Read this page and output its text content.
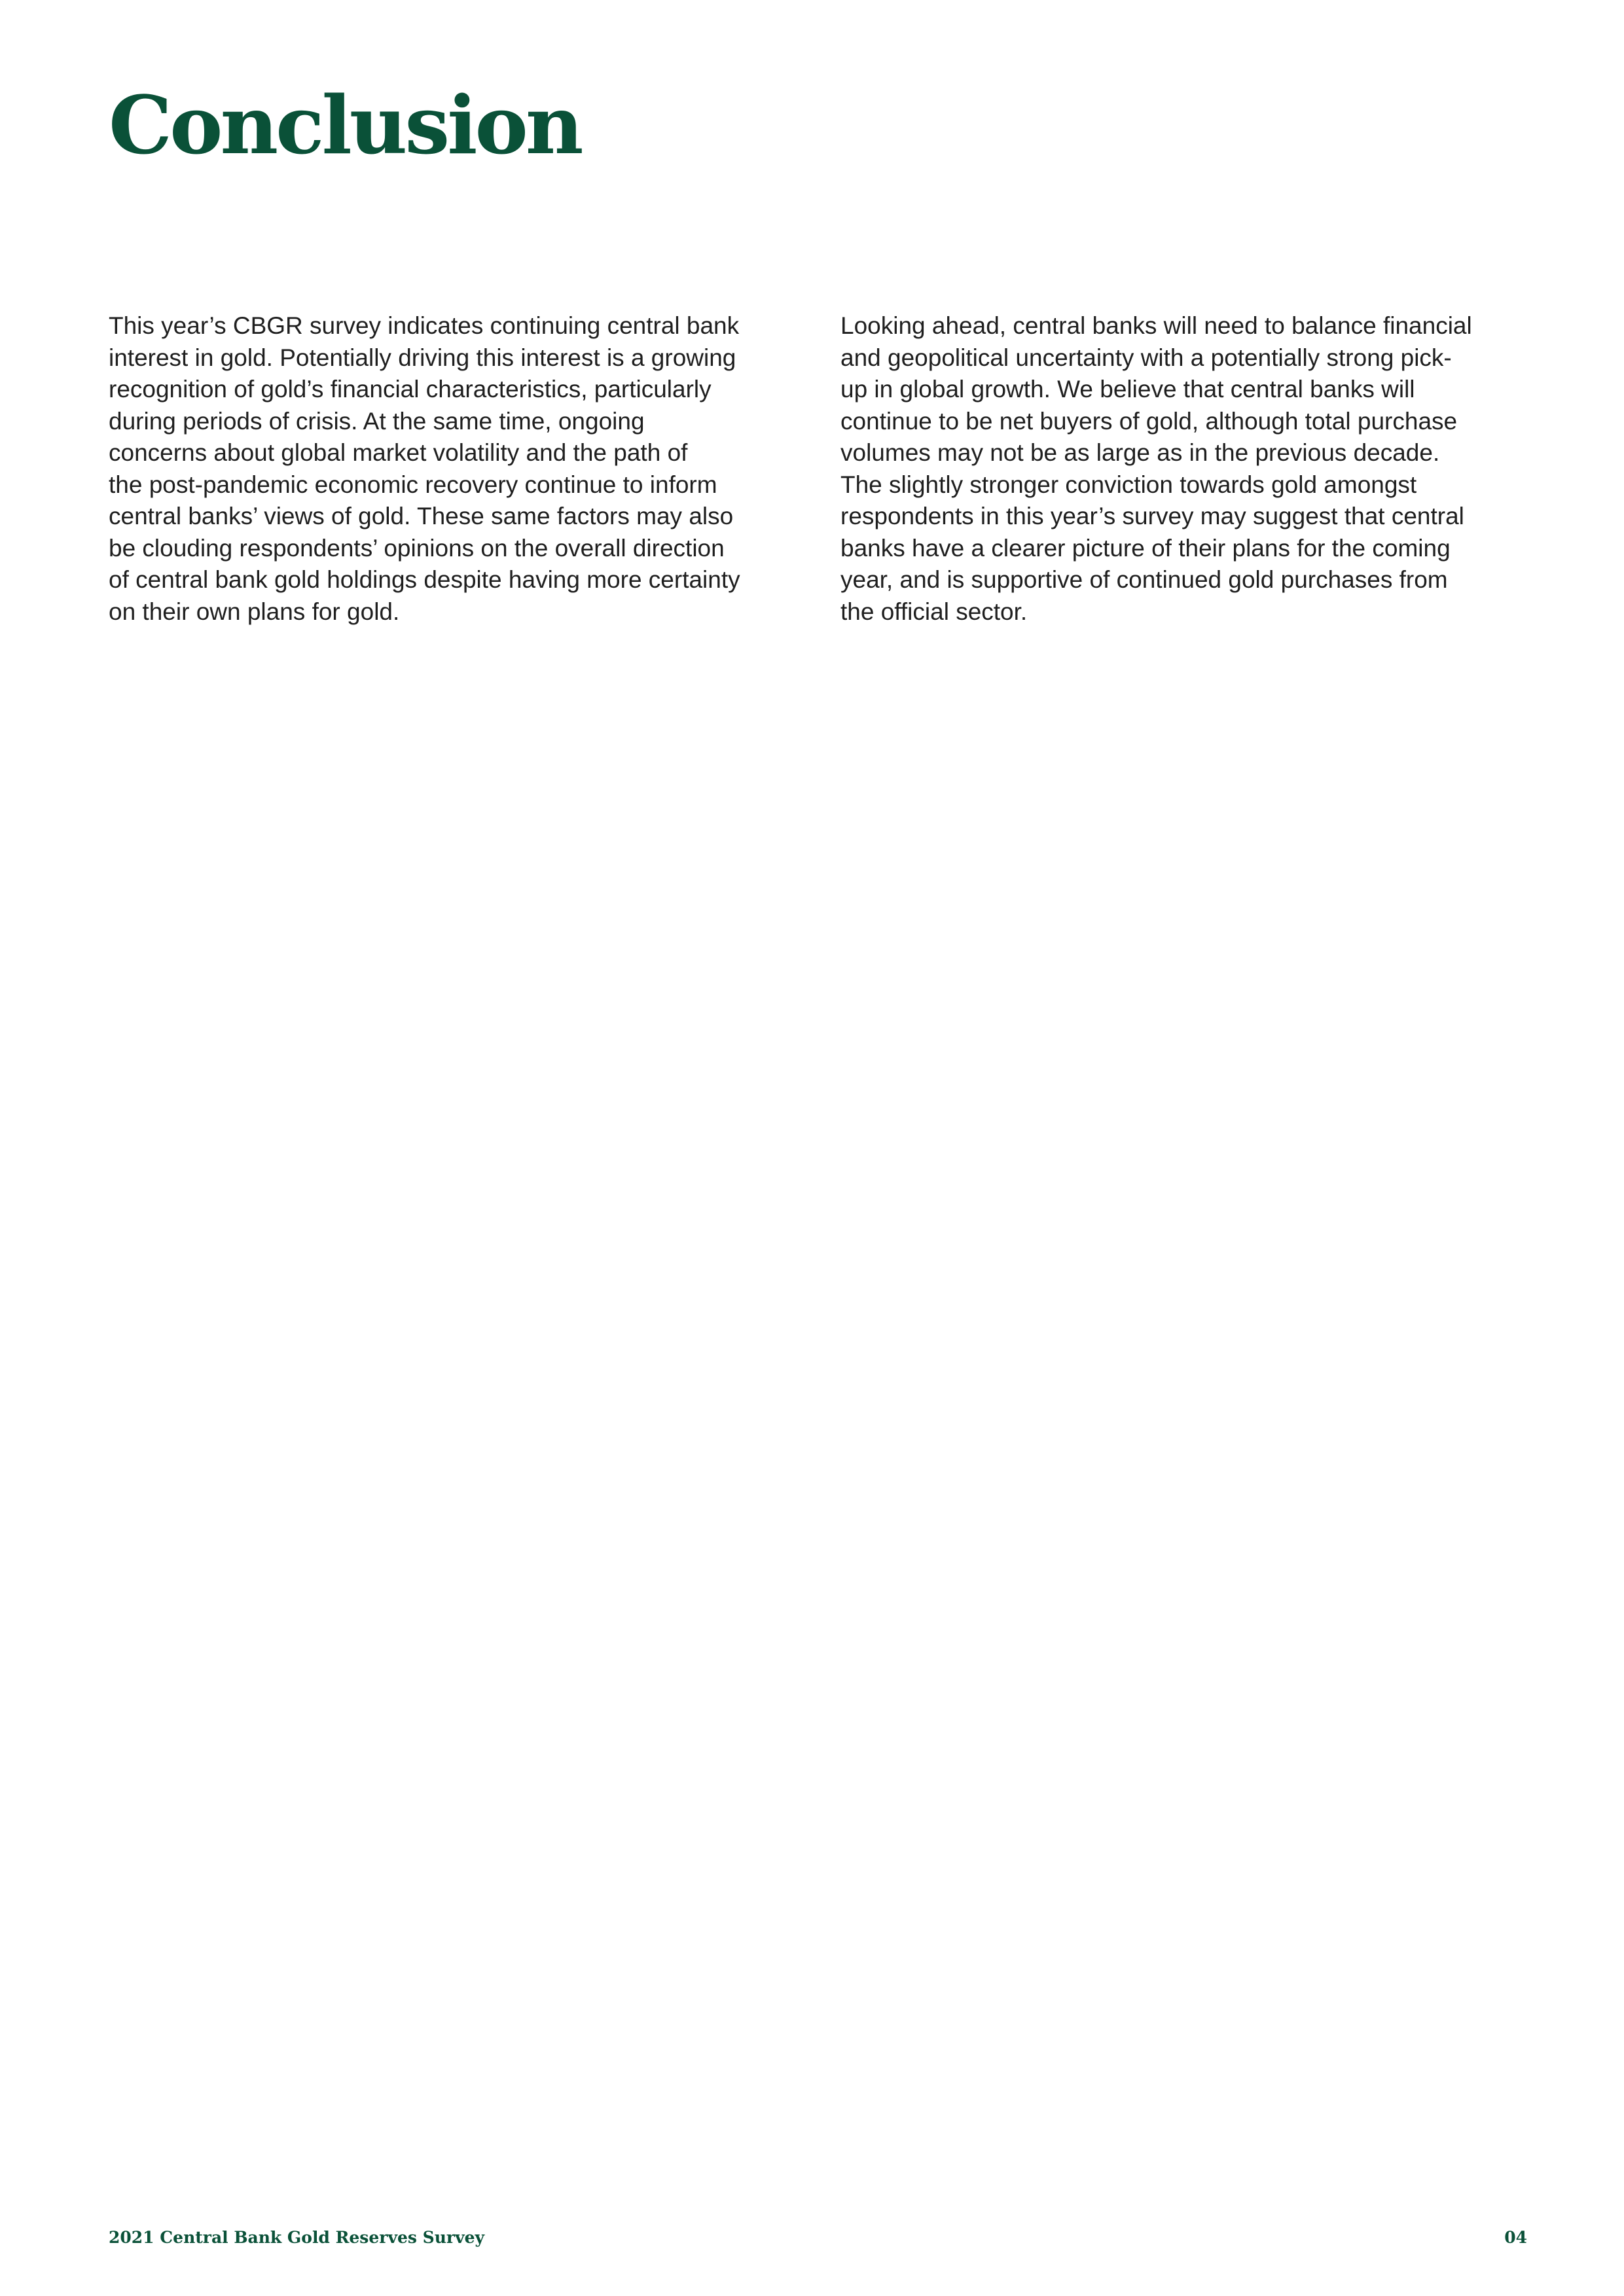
Conclusion

This year’s CBGR survey indicates continuing central bank
interest in gold. Potentially driving this interest is a growing
recognition of gold’s financial characteristics, particularly
during periods of crisis. At the same time, ongoing
concerns about global market volatility and the path of
the post-pandemic economic recovery continue to inform
central banks’ views of gold. These same factors may also
be clouding respondents’ opinions on the overall direction
of central bank gold holdings despite having more certainty
on their own plans for gold.

Looking ahead, central banks will need to balance financial
and geopolitical uncertainty with a potentially strong pick-
up in global growth. We believe that central banks will
continue to be net buyers of gold, although total purchase
volumes may not be as large as in the previous decade.
The slightly stronger conviction towards gold amongst
respondents in this year’s survey may suggest that central
banks have a clearer picture of their plans for the coming
year, and is supportive of continued gold purchases from
the official sector.

2021 Central Bank Gold Reserves Survey	04
